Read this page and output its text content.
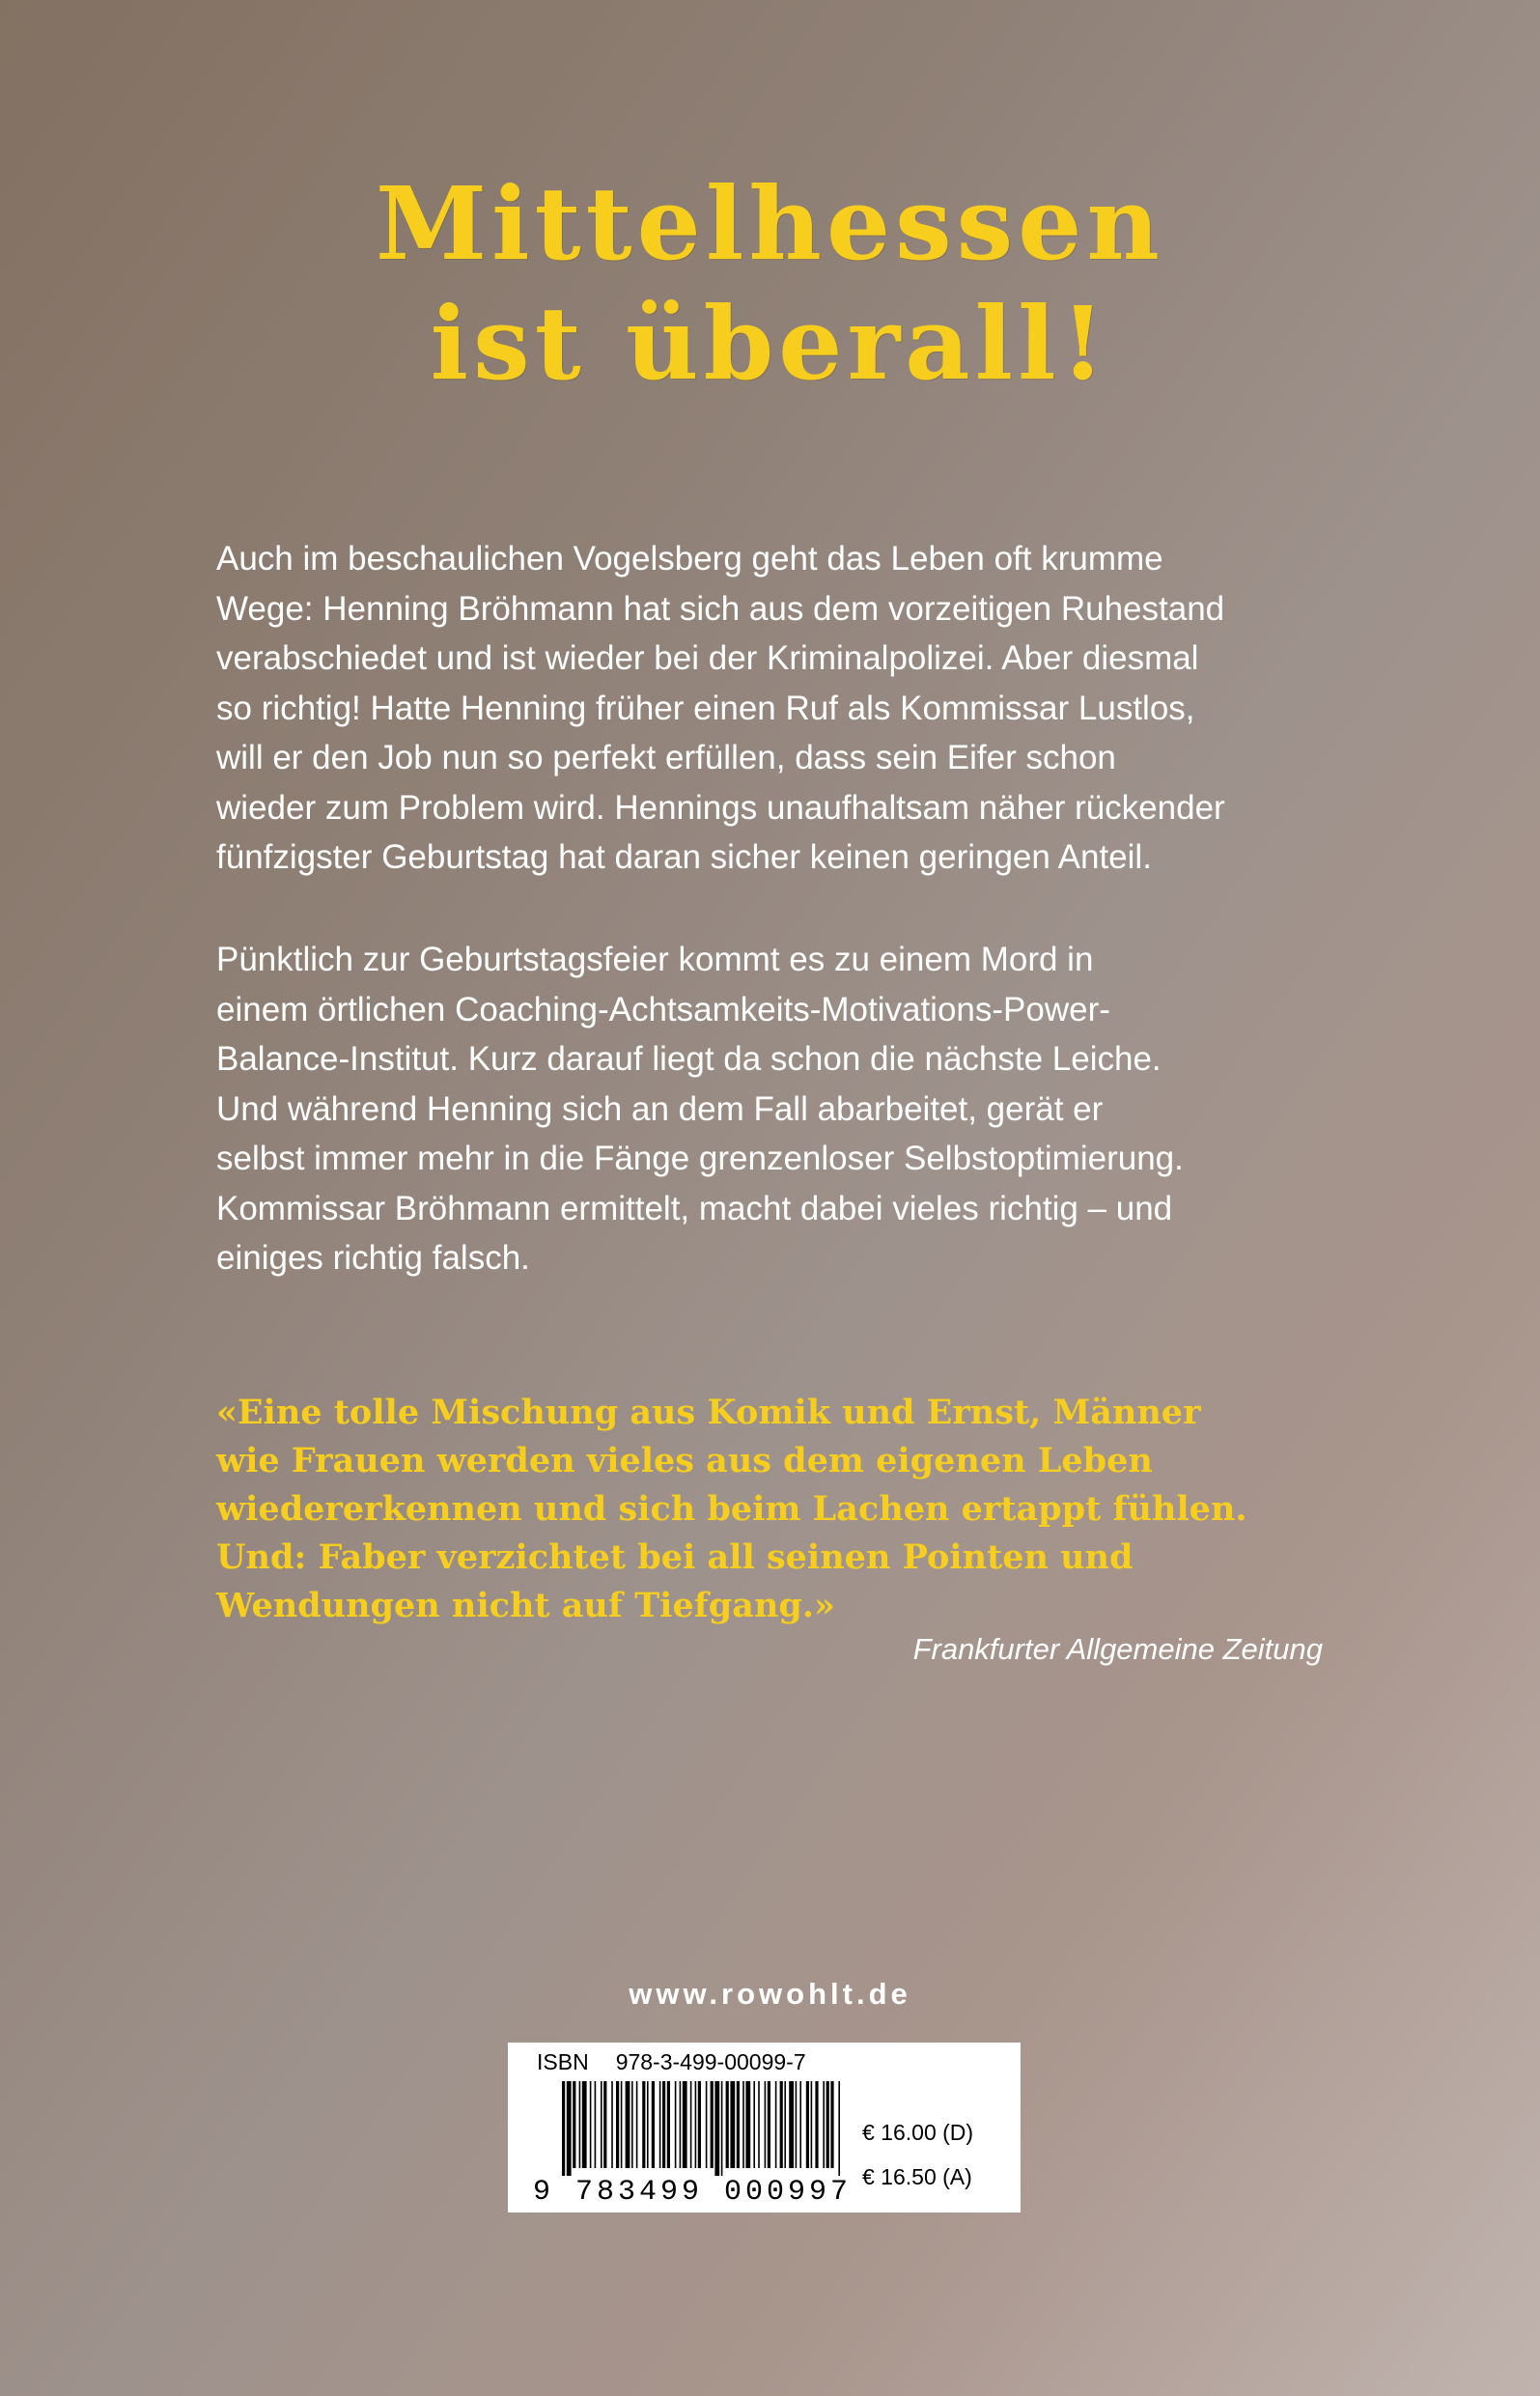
Mittelhessen
ist überall!
Auch im beschaulichen Vogelsberg geht das Leben oft krumme
Wege: Henning Bröhmann hat sich aus dem vorzeitigen Ruhestand
verabschiedet und ist wieder bei der Kriminalpolizei. Aber diesmal
so richtig! Hatte Henning früher einen Ruf als Kommissar Lustlos,
will er den Job nun so perfekt erfüllen, dass sein Eifer schon
wieder zum Problem wird. Hennings unaufhaltsam näher rückender
fünfzigster Geburtstag hat daran sicher keinen geringen Anteil.
Pünktlich zur Geburtstagsfeier kommt es zu einem Mord in
einem örtlichen Coaching-Achtsamkeits-Motivations-Power-
Balance-Institut. Kurz darauf liegt da schon die nächste Leiche.
Und während Henning sich an dem Fall abarbeitet, gerät er
selbst immer mehr in die Fänge grenzenloser Selbstoptimierung.
Kommissar Bröhmann ermittelt, macht dabei vieles richtig – und
einiges richtig falsch.
«Eine tolle Mischung aus Komik und Ernst, Männer
wie Frauen werden vieles aus dem eigenen Leben
wiedererkennen und sich beim Lachen ertappt fühlen.
Und: Faber verzichtet bei all seinen Pointen und
Wendungen nicht auf Tiefgang.»
Frankfurter Allgemeine Zeitung
www.rowohlt.de
ISBN 978-3-499-00099-7
9 783499 000997
€ 16.00 (D)
€ 16.50 (A)
